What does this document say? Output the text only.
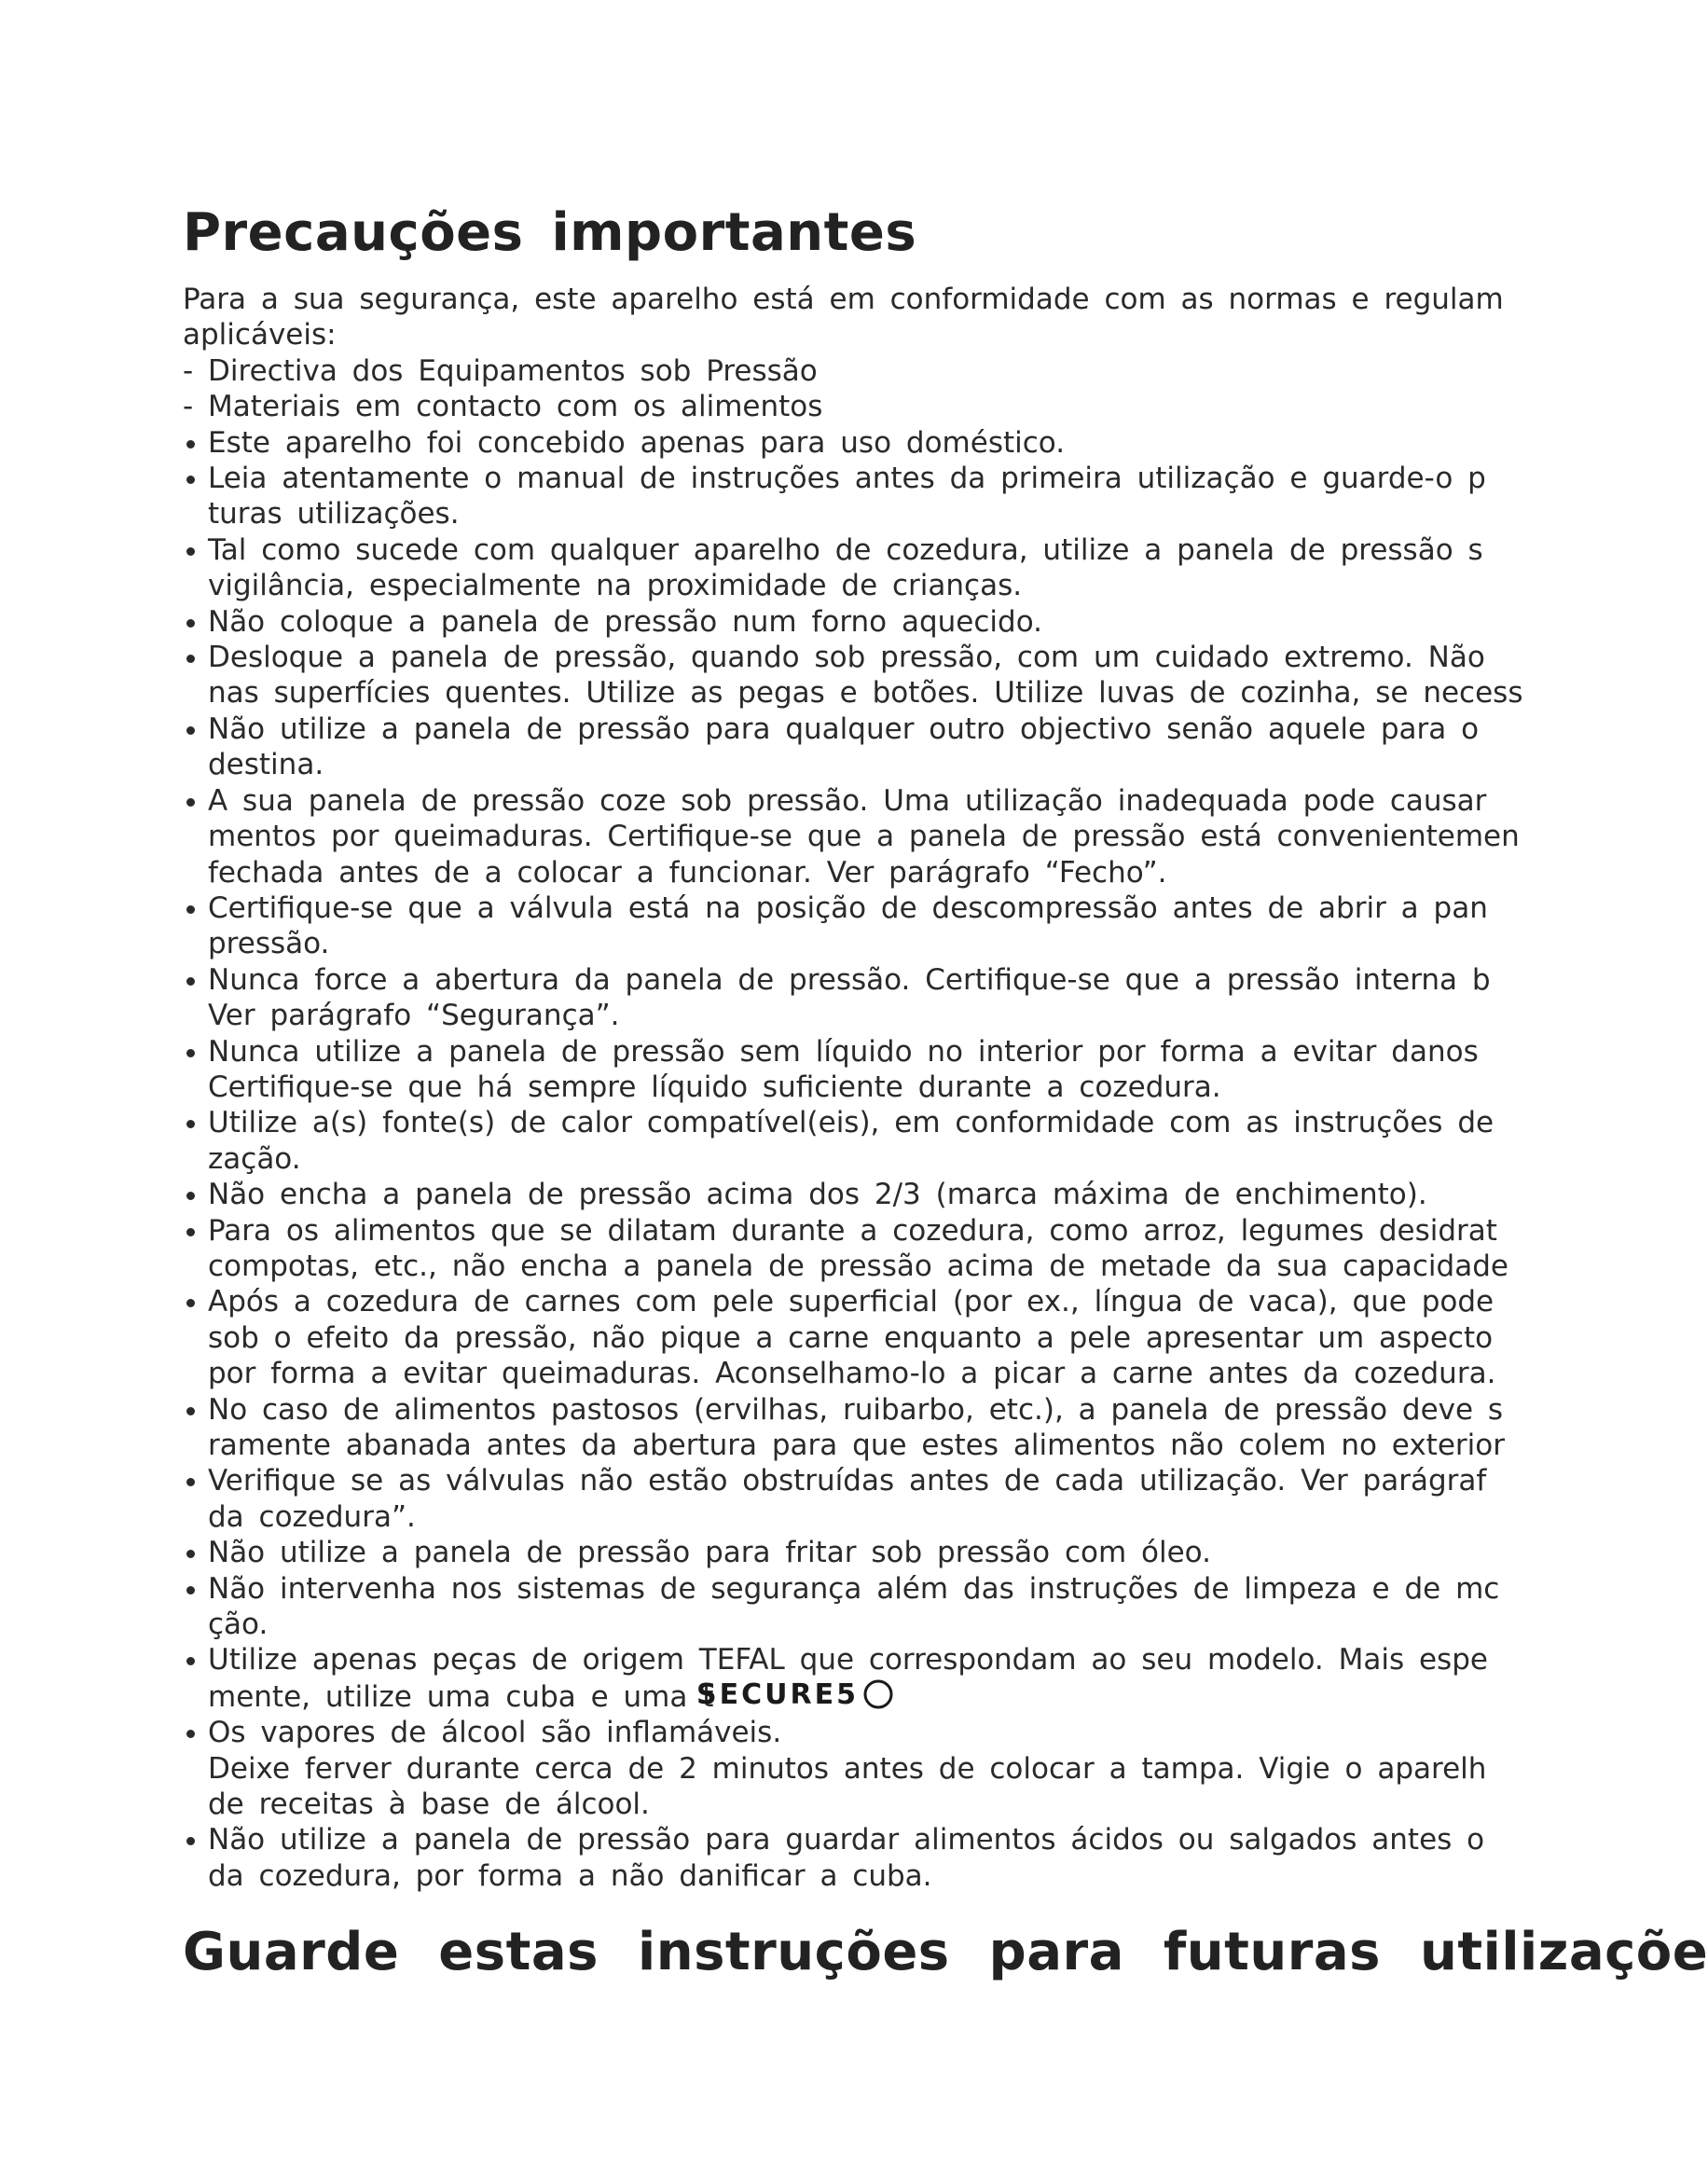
Precauções importantes
Para a sua segurança, este aparelho está em conformidade com as normas e regulam
aplicáveis:
- Directiva dos Equipamentos sob Pressão
- Materiais em contacto com os alimentos
Este aparelho foi concebido apenas para uso doméstico.
Leia atentamente o manual de instruções antes da primeira utilização e guarde-o p
turas utilizações.
Tal como sucede com qualquer aparelho de cozedura, utilize a panela de pressão s
vigilância, especialmente na proximidade de crianças.
Não coloque a panela de pressão num forno aquecido.
Desloque a panela de pressão, quando sob pressão, com um cuidado extremo. Não
nas superfícies quentes. Utilize as pegas e botões. Utilize luvas de cozinha, se necess
Não utilize a panela de pressão para qualquer outro objectivo senão aquele para o
destina.
A sua panela de pressão coze sob pressão. Uma utilização inadequada pode causar
mentos por queimaduras. Certifique-se que a panela de pressão está convenientemen
fechada antes de a colocar a funcionar. Ver parágrafo “Fecho”.
Certifique-se que a válvula está na posição de descompressão antes de abrir a pan
pressão.
Nunca force a abertura da panela de pressão. Certifique-se que a pressão interna b
Ver parágrafo “Segurança”.
Nunca utilize a panela de pressão sem líquido no interior por forma a evitar danos
Certifique-se que há sempre líquido suficiente durante a cozedura.
Utilize a(s) fonte(s) de calor compatível(eis), em conformidade com as instruções de
zação.
Não encha a panela de pressão acima dos 2/3 (marca máxima de enchimento).
Para os alimentos que se dilatam durante a cozedura, como arroz, legumes desidrat
compotas, etc., não encha a panela de pressão acima de metade da sua capacidade
Após a cozedura de carnes com pele superficial (por ex., língua de vaca), que pode
sob o efeito da pressão, não pique a carne enquanto a pele apresentar um aspecto
por forma a evitar queimaduras. Aconselhamo-lo a picar a carne antes da cozedura.
No caso de alimentos pastosos (ervilhas, ruibarbo, etc.), a panela de pressão deve s
ramente abanada antes da abertura para que estes alimentos não colem no exterior
Verifique se as válvulas não estão obstruídas antes de cada utilização. Ver parágraf
da cozedura”.
Não utilize a panela de pressão para fritar sob pressão com óleo.
Não intervenha nos sistemas de segurança além das instruções de limpeza e de mc
ção.
Utilize apenas peças de origem TEFAL que correspondam ao seu modelo. Mais espe
mente, utilize uma cuba e uma t
SECURE5
Os vapores de álcool são inflamáveis.
Deixe ferver durante cerca de 2 minutos antes de colocar a tampa. Vigie o aparelh
de receitas à base de álcool.
Não utilize a panela de pressão para guardar alimentos ácidos ou salgados antes o
da cozedura, por forma a não danificar a cuba.
Guarde estas instruções para futuras utilizaçõe
